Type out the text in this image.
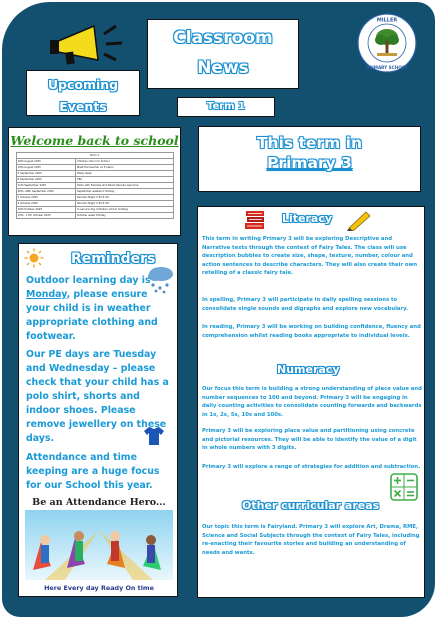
Classroom
News
MILLER
PRIMARY SCHOOL
Upcoming
Events	Term 1
Welcome back to school
Term 1	
16th August 2025	Children return to School
19th August 2025	Meet the teacher at 3:10pm
4 September 2025	Welly week
8 September 2025	TBC
11th September 2025	Hello with Families at 9:00am Parents welcome
26th -29th September 2025	September weekend Holiday
2 October 2025	Parents' Night 3:30-5:30
9 October 2025	Parents' Night 3:30-5:30
10th October 2025	In service day (Children school holiday)
13th - 17th October 2025	October week Holiday
This term in
Primary 3
Reminders

Outdoor learning day is Monday, please ensure your child is in weather appropriate clothing and footwear.

Our PE days are Tuesday and Wednesday – please check that your child has a polo shirt, shorts and indoor shoes. Please remove jewellery on these days.

Attendance and time keeping are a huge focus for our School this year.

Be an Attendance Hero...
Here Every day Ready On time
Literacy

This term in writing Primary 3 will be exploring Descriptive and Narrative texts through the context of Fairy Tales. The class will use description bubbles to create size, shape, texture, number, colour and action sentences to describe characters. They will also create their own retelling of a classic fairy tale.

In spelling, Primary 3 will participate in daily spelling sessions to consolidate single sounds and digraphs and explore new vocabulary.

In reading, Primary 3 will be working on building confidence, fluency and comprehension whilst reading books appropriate to individual levels.

Numeracy

Our focus this term is building a strong understanding of place value and number sequences to 100 and beyond. Primary 3 will be engaging in daily counting activities to consolidate counting forwards and backwards in 1s, 2s, 5s, 10s and 100s.

Primary 3 will be exploring place value and partitioning using concrete and pictorial resources. They will be able to identify the value of a digit in whole numbers with 3 digits.

Primary 3 will explore a range of strategies for addition and subtraction.

Other curricular areas

Our topic this term is Fairyland. Primary 3 will explore Art, Drama, RME, Science and Social Subjects through the context of Fairy Tales, including re-enacting their favourite stories and building an understanding of needs and wants.
